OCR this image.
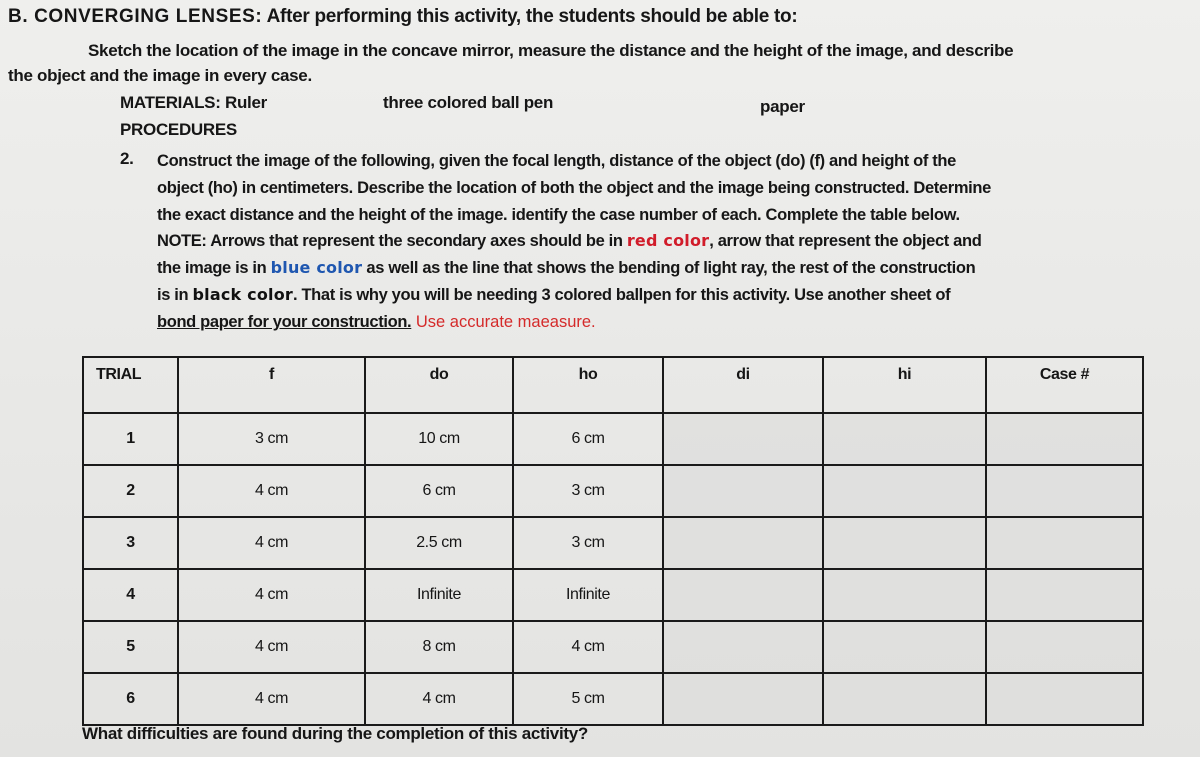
B. CONVERGING LENSES: After performing this activity, the students should be able to:
Sketch the location of the image in the concave mirror, measure the distance and the height of the image, and describe
the object and the image in every case.
MATERIALS: Ruler	three colored ball pen	paper
PROCEDURES
2. Construct the image of the following, given the focal length, distance of the object (do) (f) and height of the
object (ho) in centimeters. Describe the location of both the object and the image being constructed. Determine
the exact distance and the height of the image. identify the case number of each. Complete the table below.
NOTE: Arrows that represent the secondary axes should be in red color, arrow that represent the object and
the image is in blue color as well as the line that shows the bending of light ray, the rest of the construction
is in black color. That is why you will be needing 3 colored ballpen for this activity. Use another sheet of
bond paper for your construction. Use accurate maeasure.
TRIAL	f	do	ho	di	hi	Case #
1	3 cm	10 cm	6 cm			
2	4 cm	6 cm	3 cm			
3	4 cm	2.5 cm	3 cm			
4	4 cm	Infinite	Infinite			
5	4 cm	8 cm	4 cm			
6	4 cm	4 cm	5 cm			
What difficulties are found during the completion of this activity?
